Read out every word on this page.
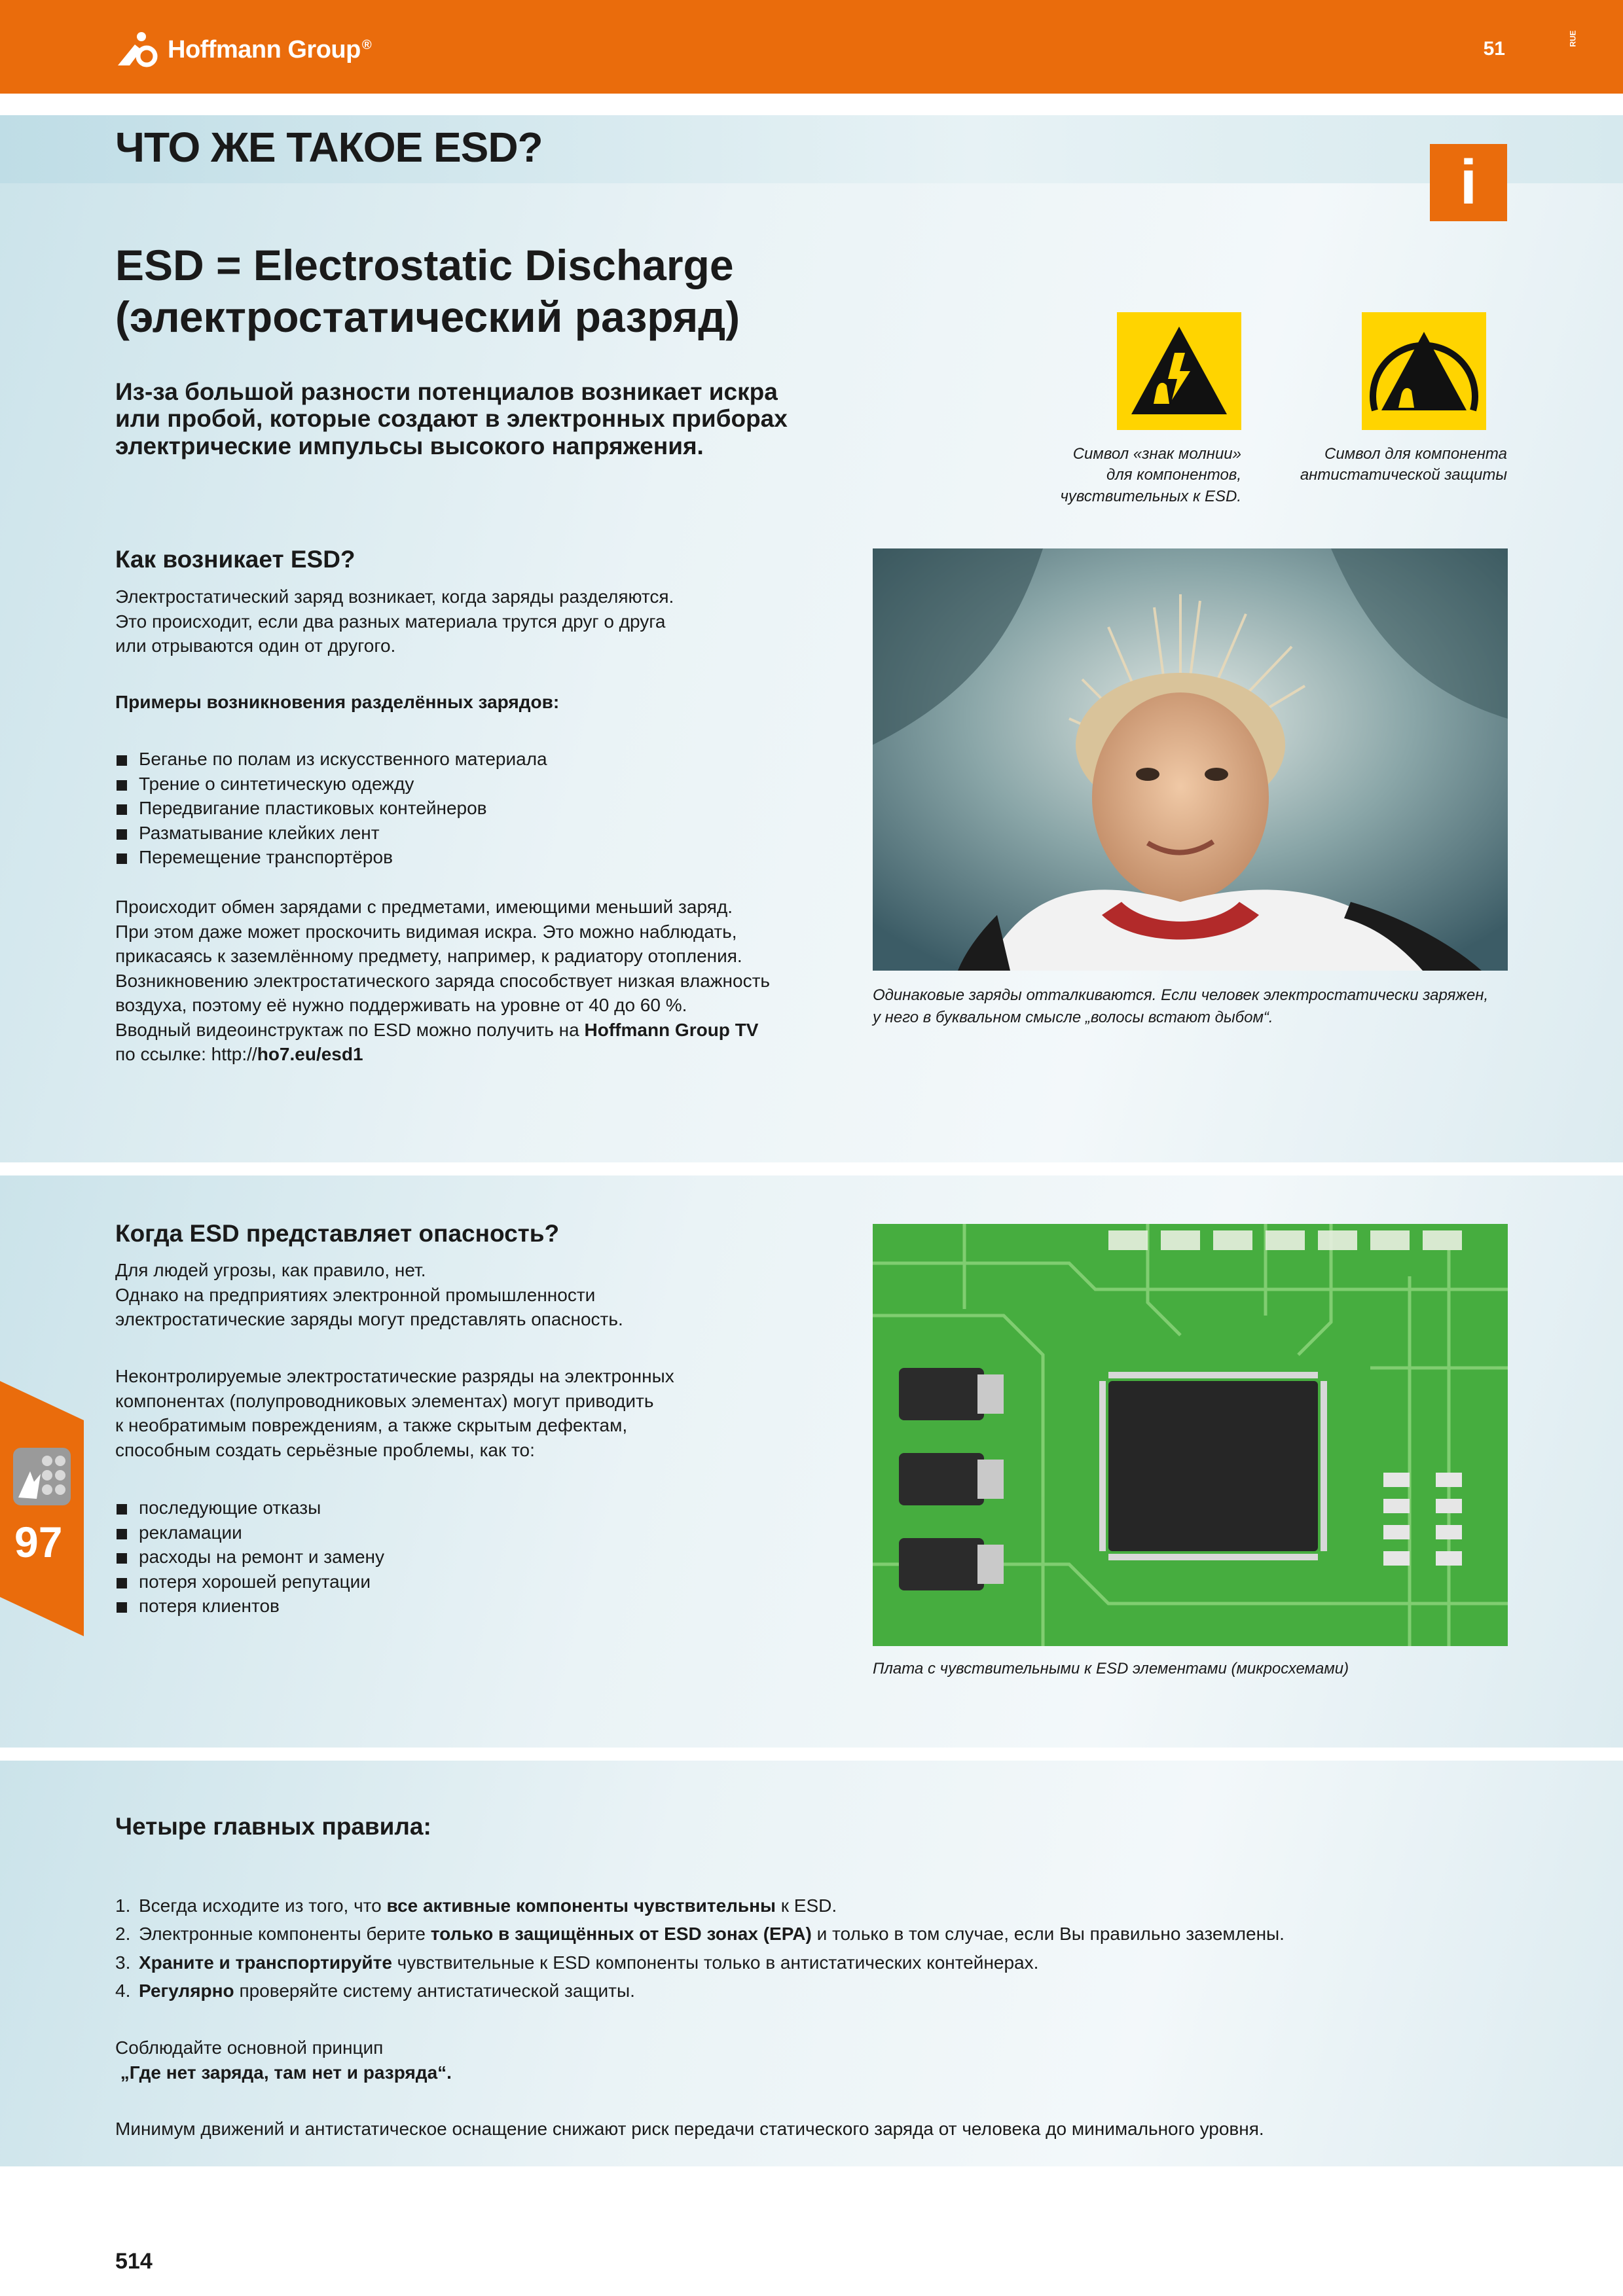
Hoffmann Group ®	51	RUE
ЧТО ЖЕ ТАКОЕ ESD?	i
ESD = Electrostatic Discharge
(электростатический разряд)
Из-за большой разности потенциалов возникает искра
или пробой, которые создают в электронных приборах
электрические импульсы высокого напряжения.	Символ «знак молнии»
для компонентов,
чувствительных к ESD.
Символ для компонента
антистатической защиты
Как возникает ESD?
Электростатический заряд возникает, когда заряды разделяются.
Это происходит, если два разных материала трутся друг о друга
или отрываются один от другого.
Примеры возникновения разделённых зарядов:
Беганье по полам из искусственного материала
Трение о синтетическую одежду
Передвигание пластиковых контейнеров
Разматывание клейких лент
Перемещение транспортёров
Происходит обмен зарядами с предметами, имеющими меньший заряд.
При этом даже может проскочить видимая искра. Это можно наблюдать,
прикасаясь к заземлённому предмету, например, к радиатору отопления.
Возникновению электростатического заряда способствует низкая влажность
воздуха, поэтому её нужно поддерживать на уровне от 40 до 60 %.
Вводный видеоинструктаж по ESD можно получить на Hoffmann Group TV
по ссылке: http://ho7.eu/esd1
Одинаковые заряды отталкиваются. Если человек электростатически заряжен,
у него в буквальном смысле „волосы встают дыбом“.
Когда ESD представляет опасность?
Для людей угрозы, как правило, нет.
Однако на предприятиях электронной промышленности
электростатические заряды могут представлять опасность.
Неконтролируемые электростатические разряды на электронных
компонентах (полупроводниковых элементах) могут приводить
к необратимым повреждениям, а также скрытым дефектам,
способным создать серьёзные проблемы, как то:
последующие отказы
рекламации
расходы на ремонт и замену
потеря хорошей репутации
потеря клиентов
Плата с чувствительными к ESD элементами (микросхемами)
97
Четыре главных правила:
1. Всегда исходите из того, что все активные компоненты чувствительны к ESD.
2. Электронные компоненты берите только в защищённых от ESD зонах (EPA) и только в том случае, если Вы правильно заземлены.
3. Храните и транспортируйте чувствительные к ESD компоненты только в антистатических контейнерах.
4. Регулярно проверяйте систему антистатической защиты.
Соблюдайте основной принцип
„Где нет заряда, там нет и разряда“.
Минимум движений и антистатическое оснащение снижают риск передачи статического заряда от человека до минимального уровня.
514
